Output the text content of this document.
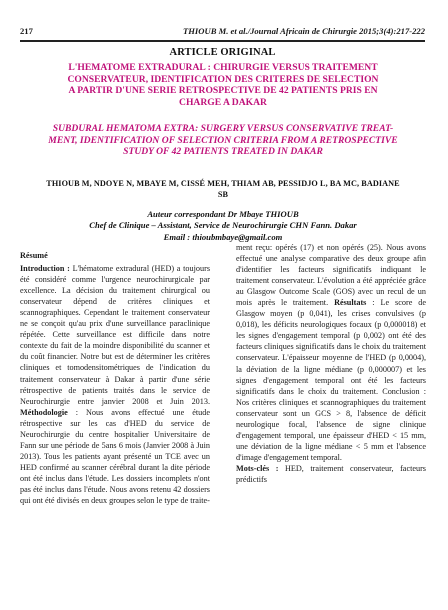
217	THIOUB M. et al./Journal Africain de Chirurgie 2015;3(4):217-222
ARTICLE ORIGINAL
L'HEMATOME EXTRADURAL : CHIRURGIE VERSUS TRAITEMENT
CONSERVATEUR, IDENTIFICATION DES CRITERES DE SELECTION
A PARTIR D'UNE SERIE RETROSPECTIVE DE 42 PATIENTS PRIS EN
CHARGE A DAKAR
SUBDURAL HEMATOMA EXTRA: SURGERY VERSUS CONSERVATIVE TREAT-
MENT, IDENTIFICATION OF SELECTION CRITERIA FROM A RETROSPECTIVE
STUDY OF 42 PATIENTS TREATED IN DAKAR
THIOUB M, NDOYE N, MBAYE M, CISSÉ MEH, THIAM AB, PESSIDJO L, BA MC, BADIANE
SB
Auteur correspondant Dr Mbaye THIOUB
Chef de Clinique – Assistant, Service de Neurochirurgie CHN Fann. Dakar
Email : thioubmbaye@gmail.com

Résumé

Introduction : L'hématome extradural (HED) a toujours été considéré comme l'urgence neurochirurgicale par excellence. La décision du traitement chirurgical ou conservateur dépend de critères cliniques et scannographiques. Cependant le traitement conservateur ne se conçoit qu'au prix d'une surveillance paraclinique répétée. Cette surveillance est difficile dans notre contexte du fait de la moindre disponibilité du scanner et du coût financier. Notre but est de déterminer les critères cliniques et tomodensitométriques de l'indication du traitement conservateur à Dakar à partir d'une série rétrospective de patients traités dans le service de Neurochirurgie entre janvier 2008 et Juin 2013. Méthodologie : Nous avons effectué une étude rétrospective sur les cas d'HED du service de Neurochirurgie du centre hospitalier Universitaire de Fann sur une période de 5ans 6 mois (Janvier 2008 à Juin 2013). Tous les patients ayant présenté un TCE avec un HED confirmé au scanner cérébral durant la dite période ont été inclus dans l'étude. Les dossiers incomplets n'ont pas été inclus dans l'étude. Nous avons retenu 42 dossiers qui ont été divisés en deux groupes selon le type de traite-

ment reçu: opérés (17) et non opérés (25). Nous avons effectué une analyse comparative des deux groupe afin d'identifier les facteurs significatifs indiquant le traitement conservateur. L'évolution a été appréciée grâce au Glasgow Outcome Scale (GOS) avec un recul de un mois après le traitement. Résultats : Le score de Glasgow moyen (p 0,041), les crises convulsives (p 0,018), les déficits neurologiques focaux (p 0,000018) et les signes d'engagement temporal (p 0,002) ont été des facteurs cliniques significatifs dans le choix du traitement conservateur. L'épaisseur moyenne de l'HED (p 0,0004), la déviation de la ligne médiane (p 0,000007) et les signes d'engagement temporal ont été les facteurs significatifs dans le choix du traitement. Conclusion : Nos critères cliniques et scannographiques du traitement conservateur sont un GCS > 8, l'absence de déficit neurologique focal, l'absence de signe clinique d'engagement temporal, une épaisseur d'HED < 15 mm, une déviation de la ligne médiane < 5 mm et l'absence d'image d'engagement temporal.

Mots-clés : HED, traitement conservateur, facteurs prédictifs
